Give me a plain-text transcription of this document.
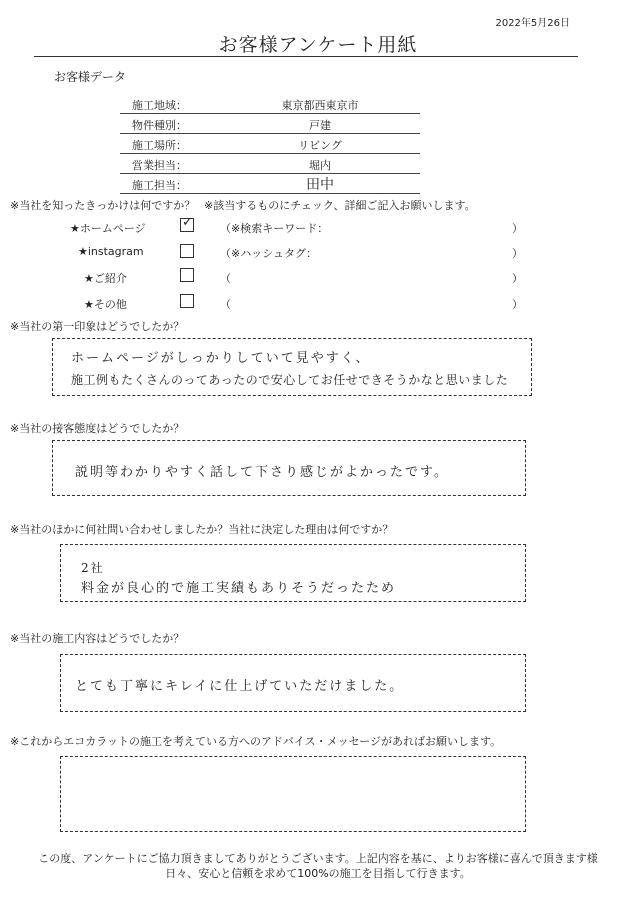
2022年5月26日
お客様アンケート用紙
お客様データ
施工地域：	東京都西東京市
物件種別：	戸建
施工場所：	リビング
営業担当：	堀内
施工担当：	田中
※当社を知ったきっかけは何ですか？ ※該当するものにチェック、詳細ご記入お願いします。
★ホームページ
✓	（※検索キーワード：	）
★instagram	（※ハッシュタグ：	）
★ご紹介	（	）
★その他	（	）
※当社の第一印象はどうでしたか？
ホームページがしっかりしていて見やすく、
施工例もたくさんのってあったので安心してお任せできそうかなと思いました
※当社の接客態度はどうでしたか？
説明等わかりやすく話して下さり感じがよかったです。
※当社のほかに何社問い合わせしましたか？当社に決定した理由は何ですか？
2社
料金が良心的で施工実績もありそうだったため
※当社の施工内容はどうでしたか？
とても丁寧にキレイに仕上げていただけました。
※これからエコカラットの施工を考えている方へのアドバイス・メッセージがあればお願いします。
この度、アンケートにご協力頂きましてありがとうございます。上記内容を基に、よりお客様に喜んで頂きます様
日々、安心と信頼を求めて100%の施工を目指して行きます。
